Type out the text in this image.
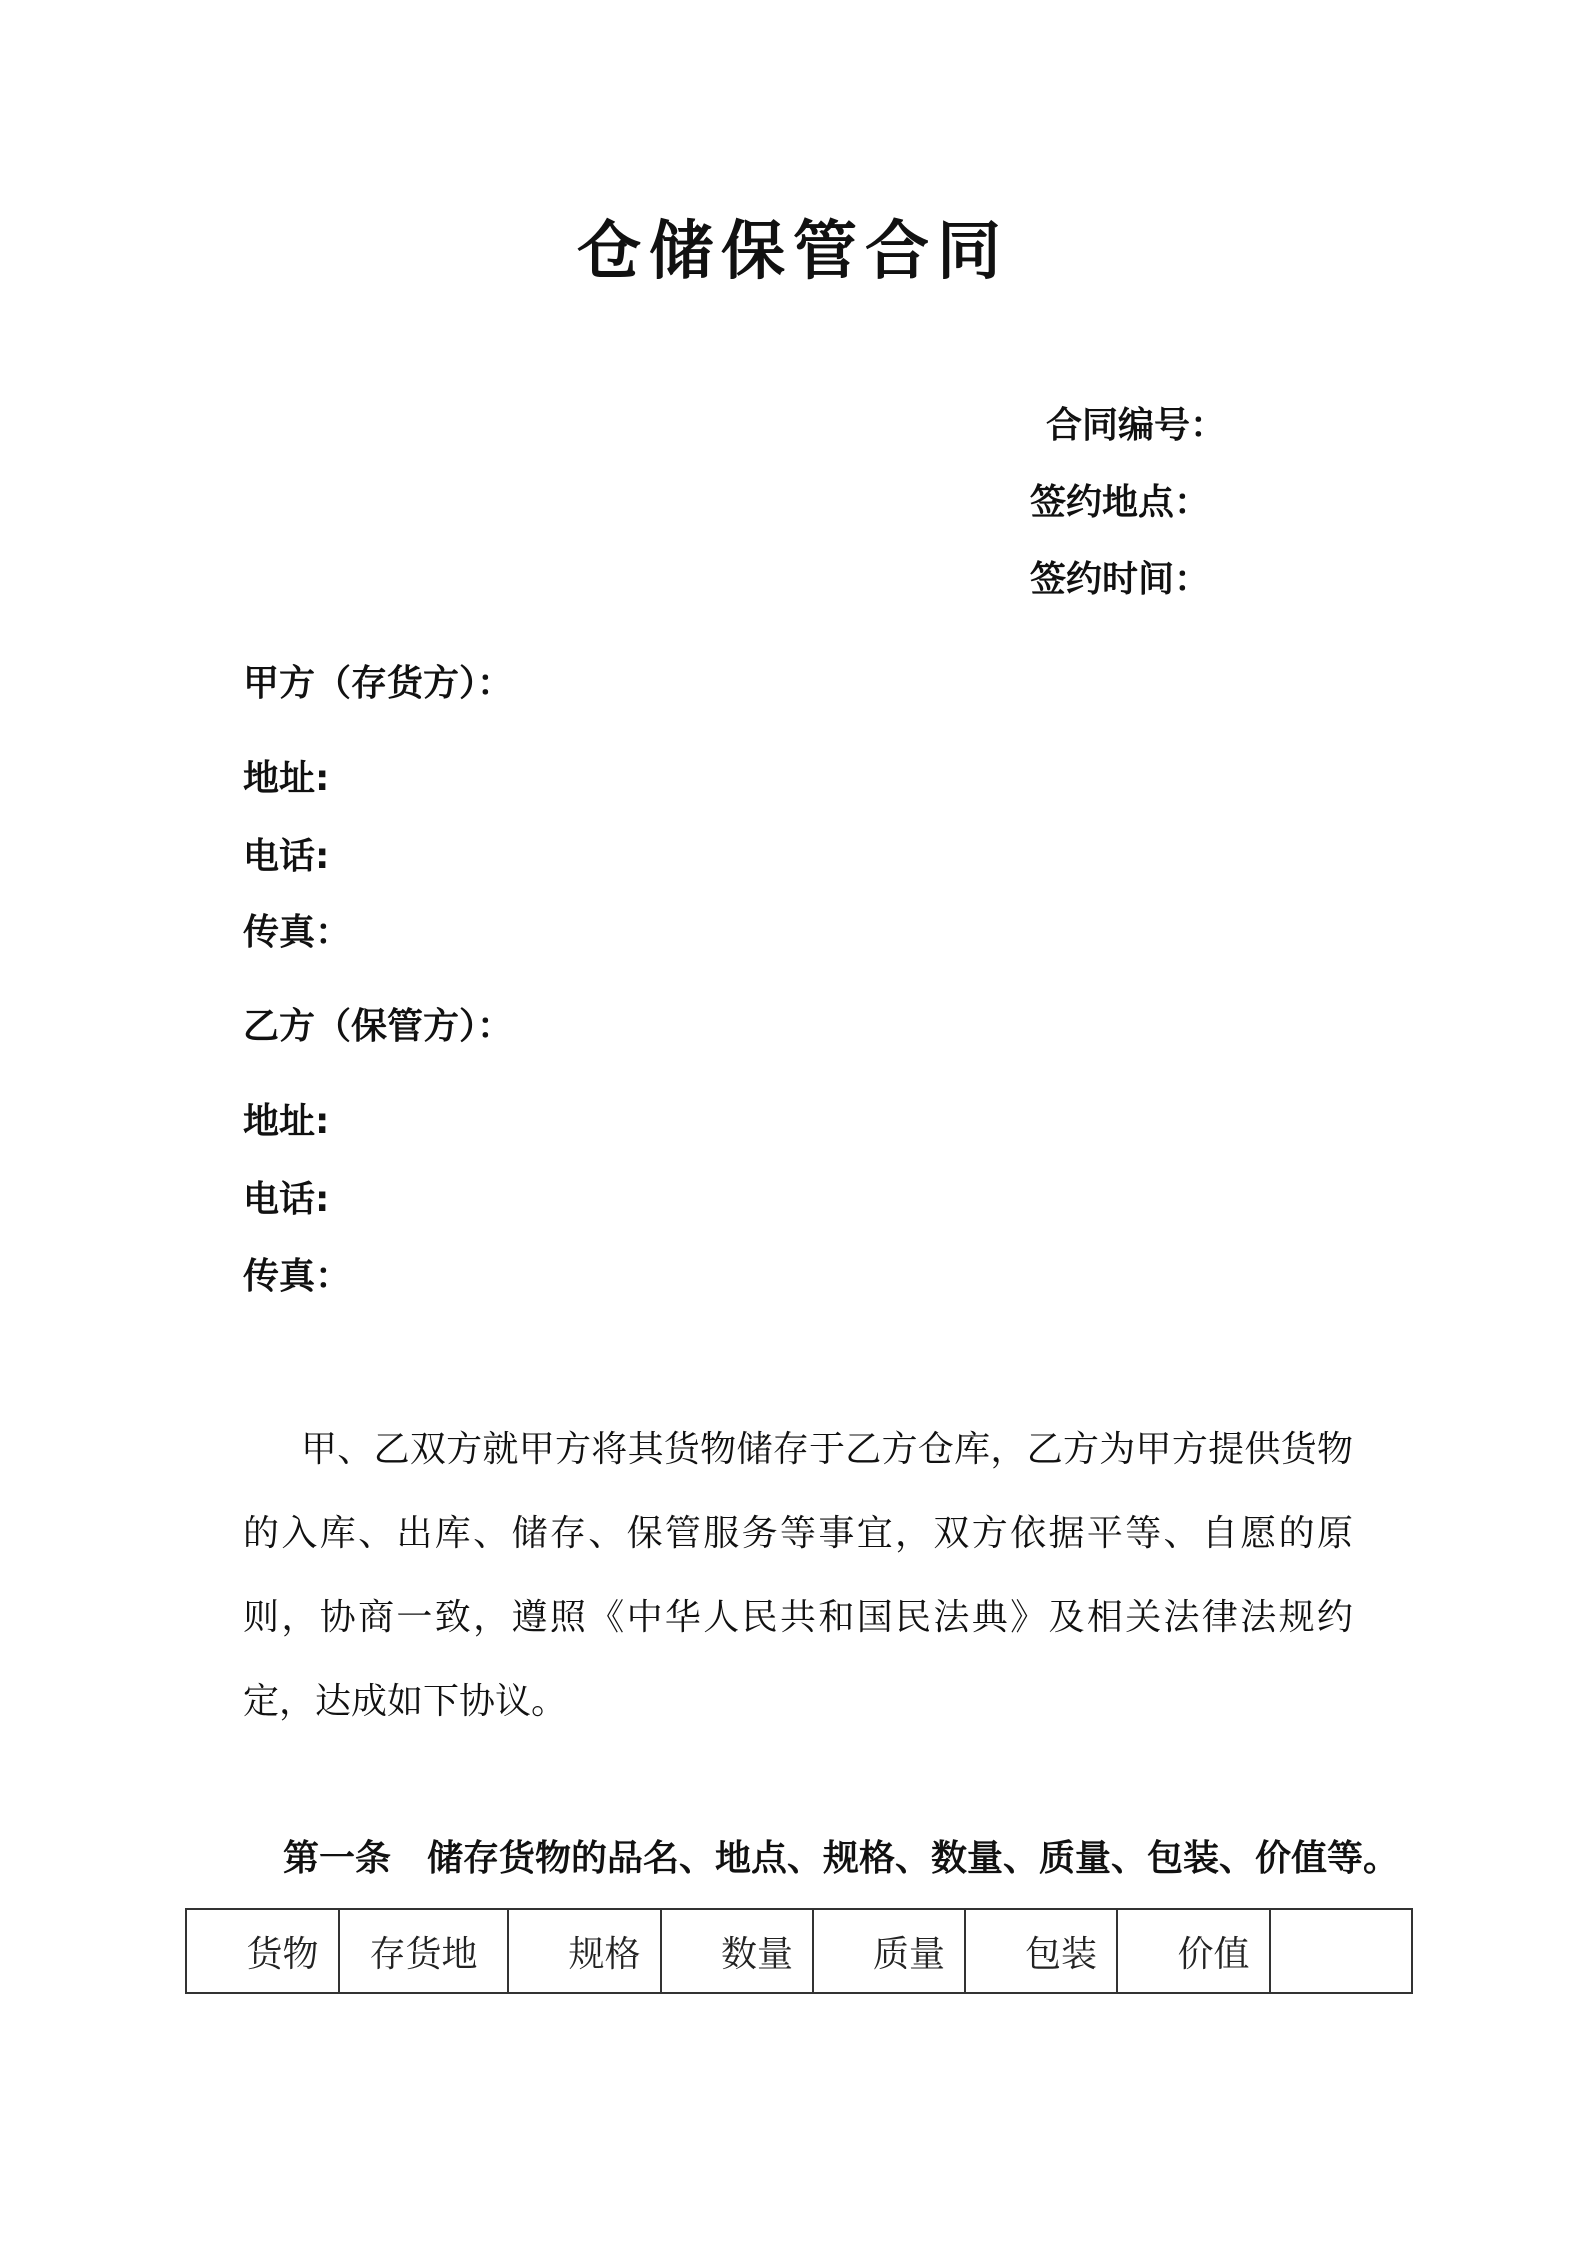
仓储保管合同
合同编号：
签约地点：
签约时间：
甲方（存货方）：
地址:
电话:
传真：
乙方（保管方）：
地址:
电话:
传真：
甲、乙双方就甲方将其货物储存于乙方仓库，乙方为甲方提供货物的入库、出库、储存、保管服务等事宜，双方依据平等、自愿的原则，协商一致，遵照《中华人民共和国民法典》及相关法律法规约定，达成如下协议。
第一条　储存货物的品名、地点、规格、数量、质量、包装、价值等。
货物	存货地	规格	数量	质量	包装	价值	
